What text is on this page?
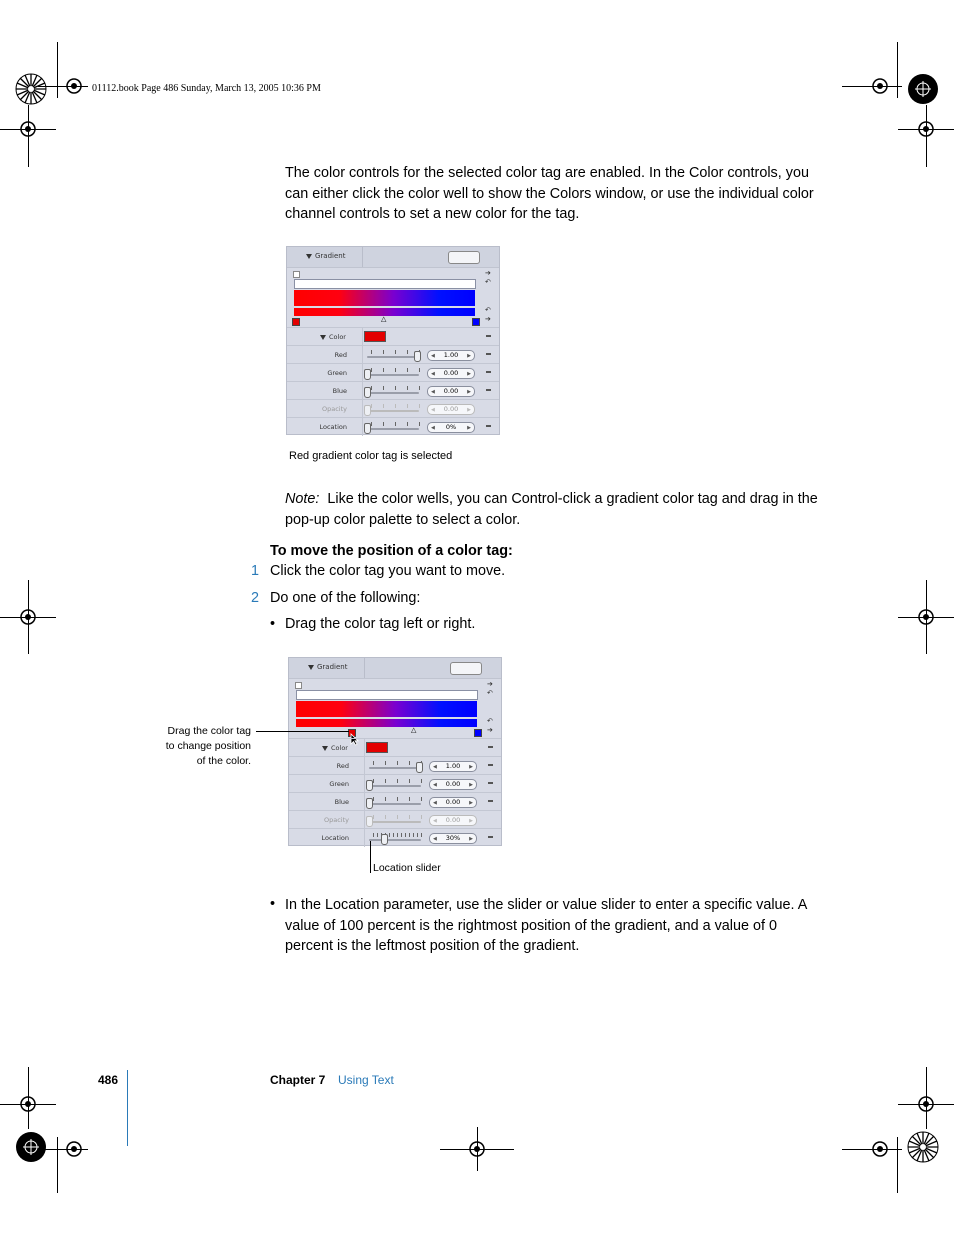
01112.book Page 486 Sunday, March 13, 2005 10:36 PM

The color controls for the selected color tag are enabled. In the Color controls, you can either click the color well to show the Colors window, or use the individual color channel controls to set a new color for the tag.

Gradient
➔
↶
△
↶
➔
Color
Red	◀ 1.00 ▶
Green	◀ 0.00 ▶
Blue	◀ 0.00 ▶
Opacity	◀ 0.00 ▶
Location	◀ 0% ▶
Red gradient color tag is selected

Note: Like the color wells, you can Control-click a gradient color tag and drag in the pop-up color palette to select a color.

To move the position of a color tag:
1 Click the color tag you want to move.
2 Do one of the following:
• Drag the color tag left or right.
Gradient
➔
↶
△
↶
➔
Color
Red	◀ 1.00 ▶
Green	◀ 0.00 ▶
Blue	◀ 0.00 ▶
Opacity	◀ 0.00 ▶
Location	◀ 30% ▶
Drag the color tag
to change position
of the color.
Location slider
• In the Location parameter, use the slider or value slider to enter a specific value. A value of 100 percent is the rightmost position of the gradient, and a value of 0 percent is the leftmost position of the gradient.

486	Chapter 7 Using Text
